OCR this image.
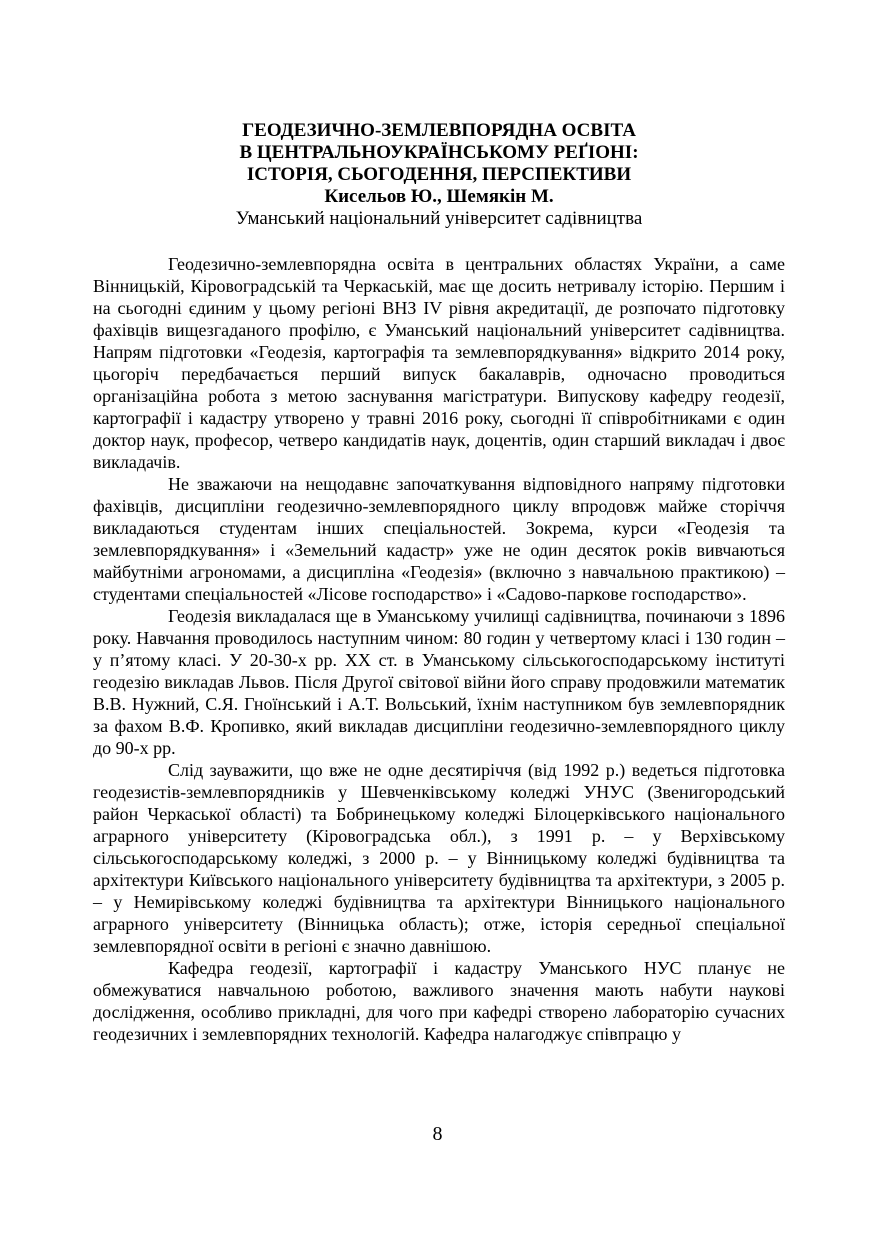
ГЕОДЕЗИЧНО-ЗЕМЛЕВПОРЯДНА ОСВІТА
В ЦЕНТРАЛЬНОУКРАЇНСЬКОМУ РЕҐІОНІ:
ІСТОРІЯ, СЬОГОДЕННЯ, ПЕРСПЕКТИВИ
Кисельов Ю., Шемякін М.
Уманський національний університет садівництва

Геодезично-землевпорядна освіта в центральних областях України, а саме Вінницькій, Кіровоградській та Черкаській, має ще досить нетривалу історію. Першим і на сьогодні єдиним у цьому регіоні ВНЗ IV рівня акредитації, де розпочато підготовку фахівців вищезгаданого профілю, є Уманський національний університет садівництва. Напрям підготовки «Геодезія, картографія та землевпорядкування» відкрито 2014 року, цьогоріч передбачається перший випуск бакалаврів, одночасно проводиться організаційна робота з метою заснування магістратури. Випускову кафедру геодезії, картографії і кадастру утворено у травні 2016 року, сьогодні її співробітниками є один доктор наук, професор, четверо кандидатів наук, доцентів, один старший викладач і двоє викладачів.

Не зважаючи на нещодавнє започаткування відповідного напряму підготовки фахівців, дисципліни геодезично-землевпорядного циклу впродовж майже сторіччя викладаються студентам інших спеціальностей. Зокрема, курси «Геодезія та землевпорядкування» і «Земельний кадастр» уже не один десяток років вивчаються майбутніми агрономами, а дисципліна «Геодезія» (включно з навчальною практикою) – студентами спеціальностей «Лісове господарство» і «Садово-паркове господарство».

Геодезія викладалася ще в Уманському училищі садівництва, починаючи з 1896 року. Навчання проводилось наступним чином: 80 годин у четвертому класі і 130 годин – у п’ятому класі. У 20-30-х рр. ХХ ст. в Уманському сільськогосподарському інституті геодезію викладав Львов. Після Другої світової війни його справу продовжили математик В.В. Нужний, С.Я. Гноїнський і А.Т. Вольський, їхнім наступником був землевпорядник за фахом В.Ф. Кропивко, який викладав дисципліни геодезично-землевпорядного циклу до 90-х рр.

Слід зауважити, що вже не одне десятиріччя (від 1992 р.) ведеться підготовка геодезистів-землевпорядників у Шевченківському коледжі УНУС (Звенигородський район Черкаської області) та Бобринецькому коледжі Білоцерківського національного аграрного університету (Кіровоградська обл.), з 1991 р. – у Верхівському сільськогосподарському коледжі, з 2000 р. – у Вінницькому коледжі будівництва та архітектури Київського національного університету будівництва та архітектури, з 2005 р. – у Немирівському коледжі будівництва та архітектури Вінницького національного аграрного університету (Вінницька область); отже, історія середньої спеціальної землевпорядної освіти в регіоні є значно давнішою.

Кафедра геодезії, картографії і кадастру Уманського НУС планує не обмежуватися навчальною роботою, важливого значення мають набути наукові дослідження, особливо прикладні, для чого при кафедрі створено лабораторію сучасних геодезичних і землевпорядних технологій. Кафедра налагоджує співпрацю у

8
